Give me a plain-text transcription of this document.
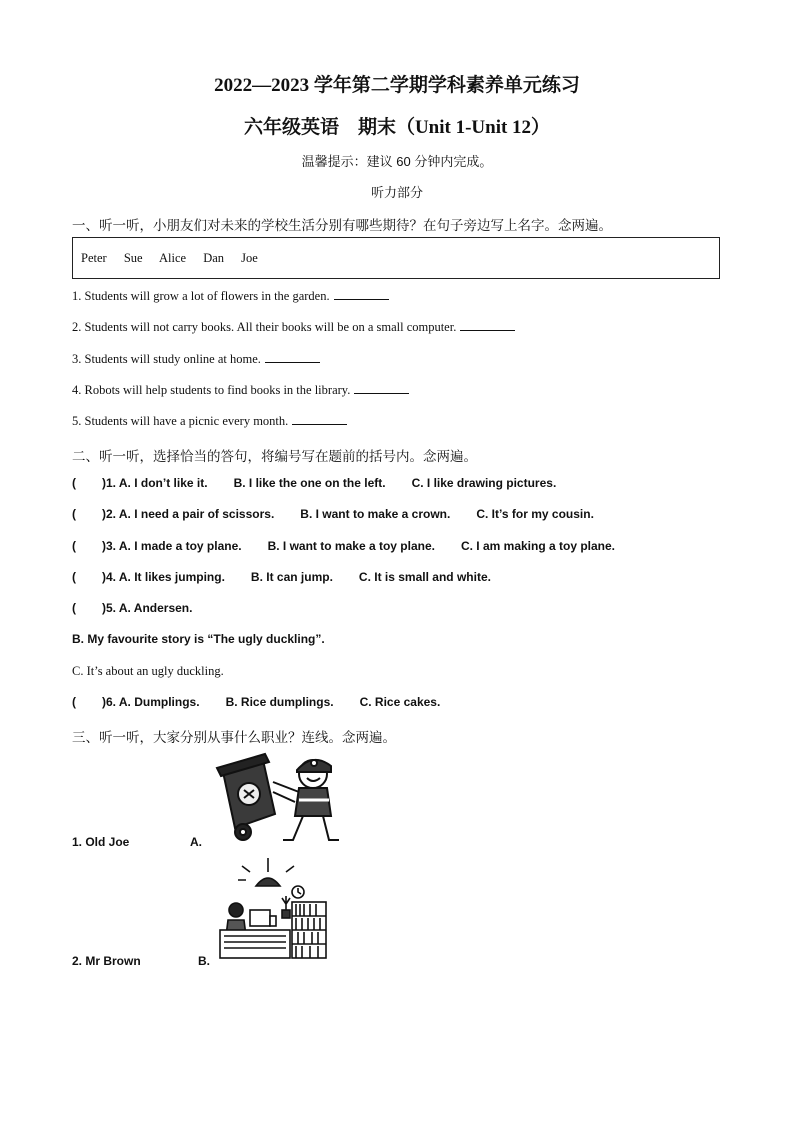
2022—2023 学年第二学期学科素养单元练习
六年级英语　期末（Unit 1-Unit 12）
温馨提示：建议 60 分钟内完成。
听力部分
一、听一听，小朋友们对未来的学校生活分别有哪些期待？在句子旁边写上名字。念两遍。
Peter Sue Alice Dan Joe
1. Students will grow a lot of flowers in the garden.
2. Students will not carry books. All their books will be on a small computer.
3. Students will study online at home.
4. Robots will help students to find books in the library.
5. Students will have a picnic every month.
二、听一听，选择恰当的答句，将编号写在题前的括号内。念两遍。
( )1. A. I don’t like it. B. I like the one on the left. C. I like drawing pictures.
( )2. A. I need a pair of scissors. B. I want to make a crown. C. It’s for my cousin.
( )3. A. I made a toy plane. B. I want to make a toy plane. C. I am making a toy plane.
( )4. A. It likes jumping. B. It can jump. C. It is small and white.
( )5. A. Andersen.
B. My favourite story is “The ugly duckling”.
C. It’s about an ugly duckling.
( )6. A. Dumplings. B. Rice dumplings. C. Rice cakes.
三、听一听，大家分别从事什么职业？连线。念两遍。
1. Old Joe	A.
2. Mr Brown	B.
